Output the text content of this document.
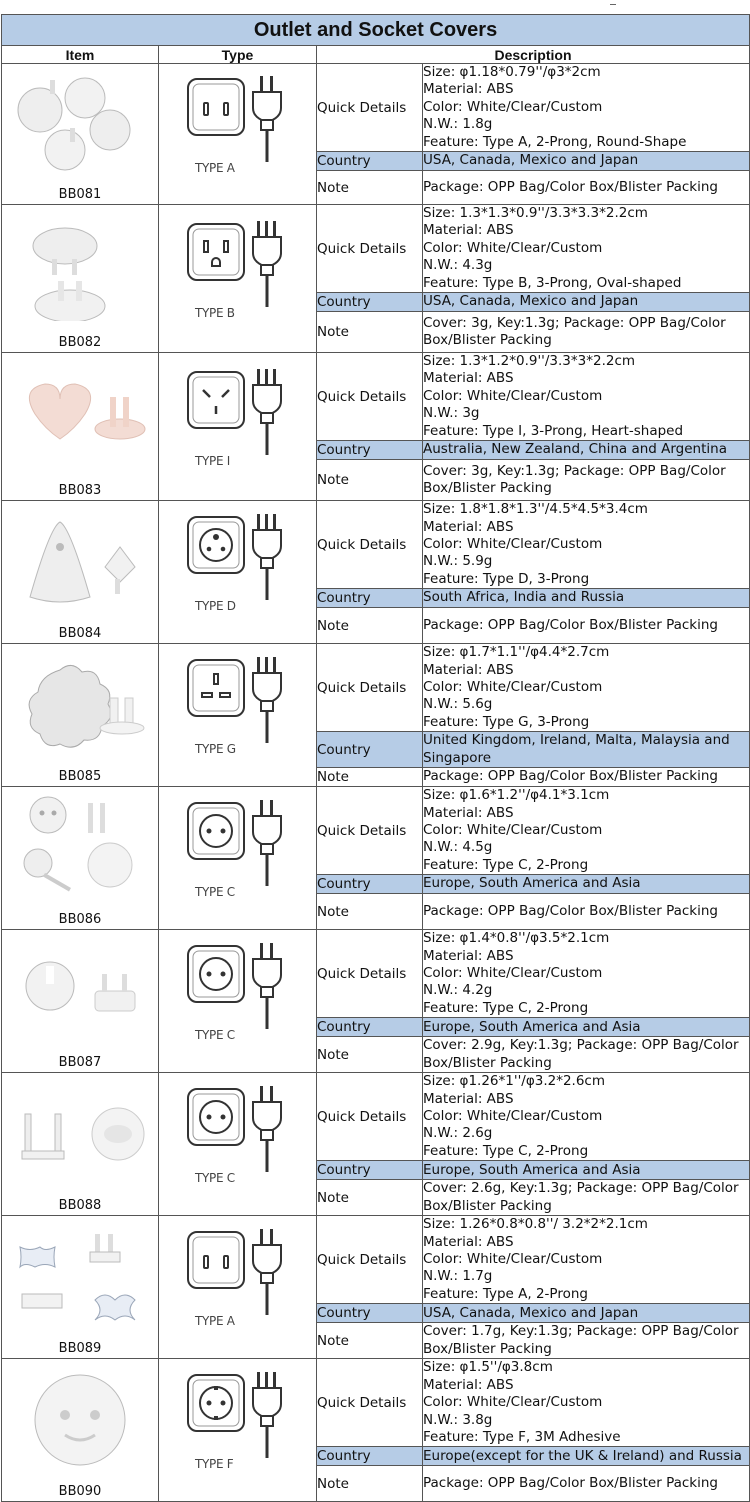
Outlet and Socket Covers			
Item	Type	Description	

BB081	TYPE A	Quick Details	Size: φ1.18*0.79''/φ3*2cm
Material: ABS
Color: White/Clear/Custom
N.W.: 1.8g
Feature: Type A, 2-Prong, Round-Shape

		Country	USA, Canada, Mexico and Japan
		Note	Package: OPP Bag/Color Box/Blister Packing

BB082	TYPE B	Quick Details	Size: 1.3*1.3*0.9''/3.3*3.3*2.2cm
Material: ABS
Color: White/Clear/Custom
N.W.: 4.3g
Feature: Type B, 3-Prong, Oval-shaped

		Country	USA, Canada, Mexico and Japan
		Note	Cover: 3g, Key:1.3g; Package: OPP Bag/Color Box/Blister Packing

BB083	TYPE I	Quick Details	Size: 1.3*1.2*0.9''/3.3*3*2.2cm
Material: ABS
Color: White/Clear/Custom
N.W.: 3g
Feature: Type I, 3-Prong, Heart-shaped

		Country	Australia, New Zealand, China and Argentina
		Note	Cover: 3g, Key:1.3g; Package: OPP Bag/Color Box/Blister Packing

BB084	TYPE D	Quick Details	Size: 1.8*1.8*1.3''/4.5*4.5*3.4cm
Material: ABS
Color: White/Clear/Custom
N.W.: 5.9g
Feature: Type D, 3-Prong

		Country	South Africa, India and Russia
		Note	Package: OPP Bag/Color Box/Blister Packing

BB085	TYPE G	Quick Details	Size: φ1.7*1.1''/φ4.4*2.7cm
Material: ABS
Color: White/Clear/Custom
N.W.: 5.6g
Feature: Type G, 3-Prong

		Country	United Kingdom, Ireland, Malta, Malaysia and Singapore
		Note	Package: OPP Bag/Color Box/Blister Packing

BB086	TYPE C	Quick Details	Size: φ1.6*1.2''/φ4.1*3.1cm
Material: ABS
Color: White/Clear/Custom
N.W.: 4.5g
Feature: Type C, 2-Prong

		Country	Europe, South America and Asia
		Note	Package: OPP Bag/Color Box/Blister Packing

BB087	TYPE C	Quick Details	Size: φ1.4*0.8''/φ3.5*2.1cm
Material: ABS
Color: White/Clear/Custom
N.W.: 4.2g
Feature: Type C, 2-Prong

		Country	Europe, South America and Asia
		Note	Cover: 2.9g, Key:1.3g; Package: OPP Bag/Color Box/Blister Packing

BB088	TYPE C	Quick Details	Size: φ1.26*1''/φ3.2*2.6cm
Material: ABS
Color: White/Clear/Custom
N.W.: 2.6g
Feature: Type C, 2-Prong

		Country	Europe, South America and Asia
		Note	Cover: 2.6g, Key:1.3g; Package: OPP Bag/Color Box/Blister Packing

BB089	TYPE A	Quick Details	Size: 1.26*0.8*0.8''/ 3.2*2*2.1cm
Material: ABS
Color: White/Clear/Custom
N.W.: 1.7g
Feature: Type A, 2-Prong

		Country	USA, Canada, Mexico and Japan
		Note	Cover: 1.7g, Key:1.3g; Package: OPP Bag/Color Box/Blister Packing

BB090	TYPE F	Quick Details	Size: φ1.5''/φ3.8cm
Material: ABS
Color: White/Clear/Custom
N.W.: 3.8g
Feature: Type F, 3M Adhesive

		Country	Europe(except for the UK & Ireland) and Russia
		Note	Package: OPP Bag/Color Box/Blister Packing
